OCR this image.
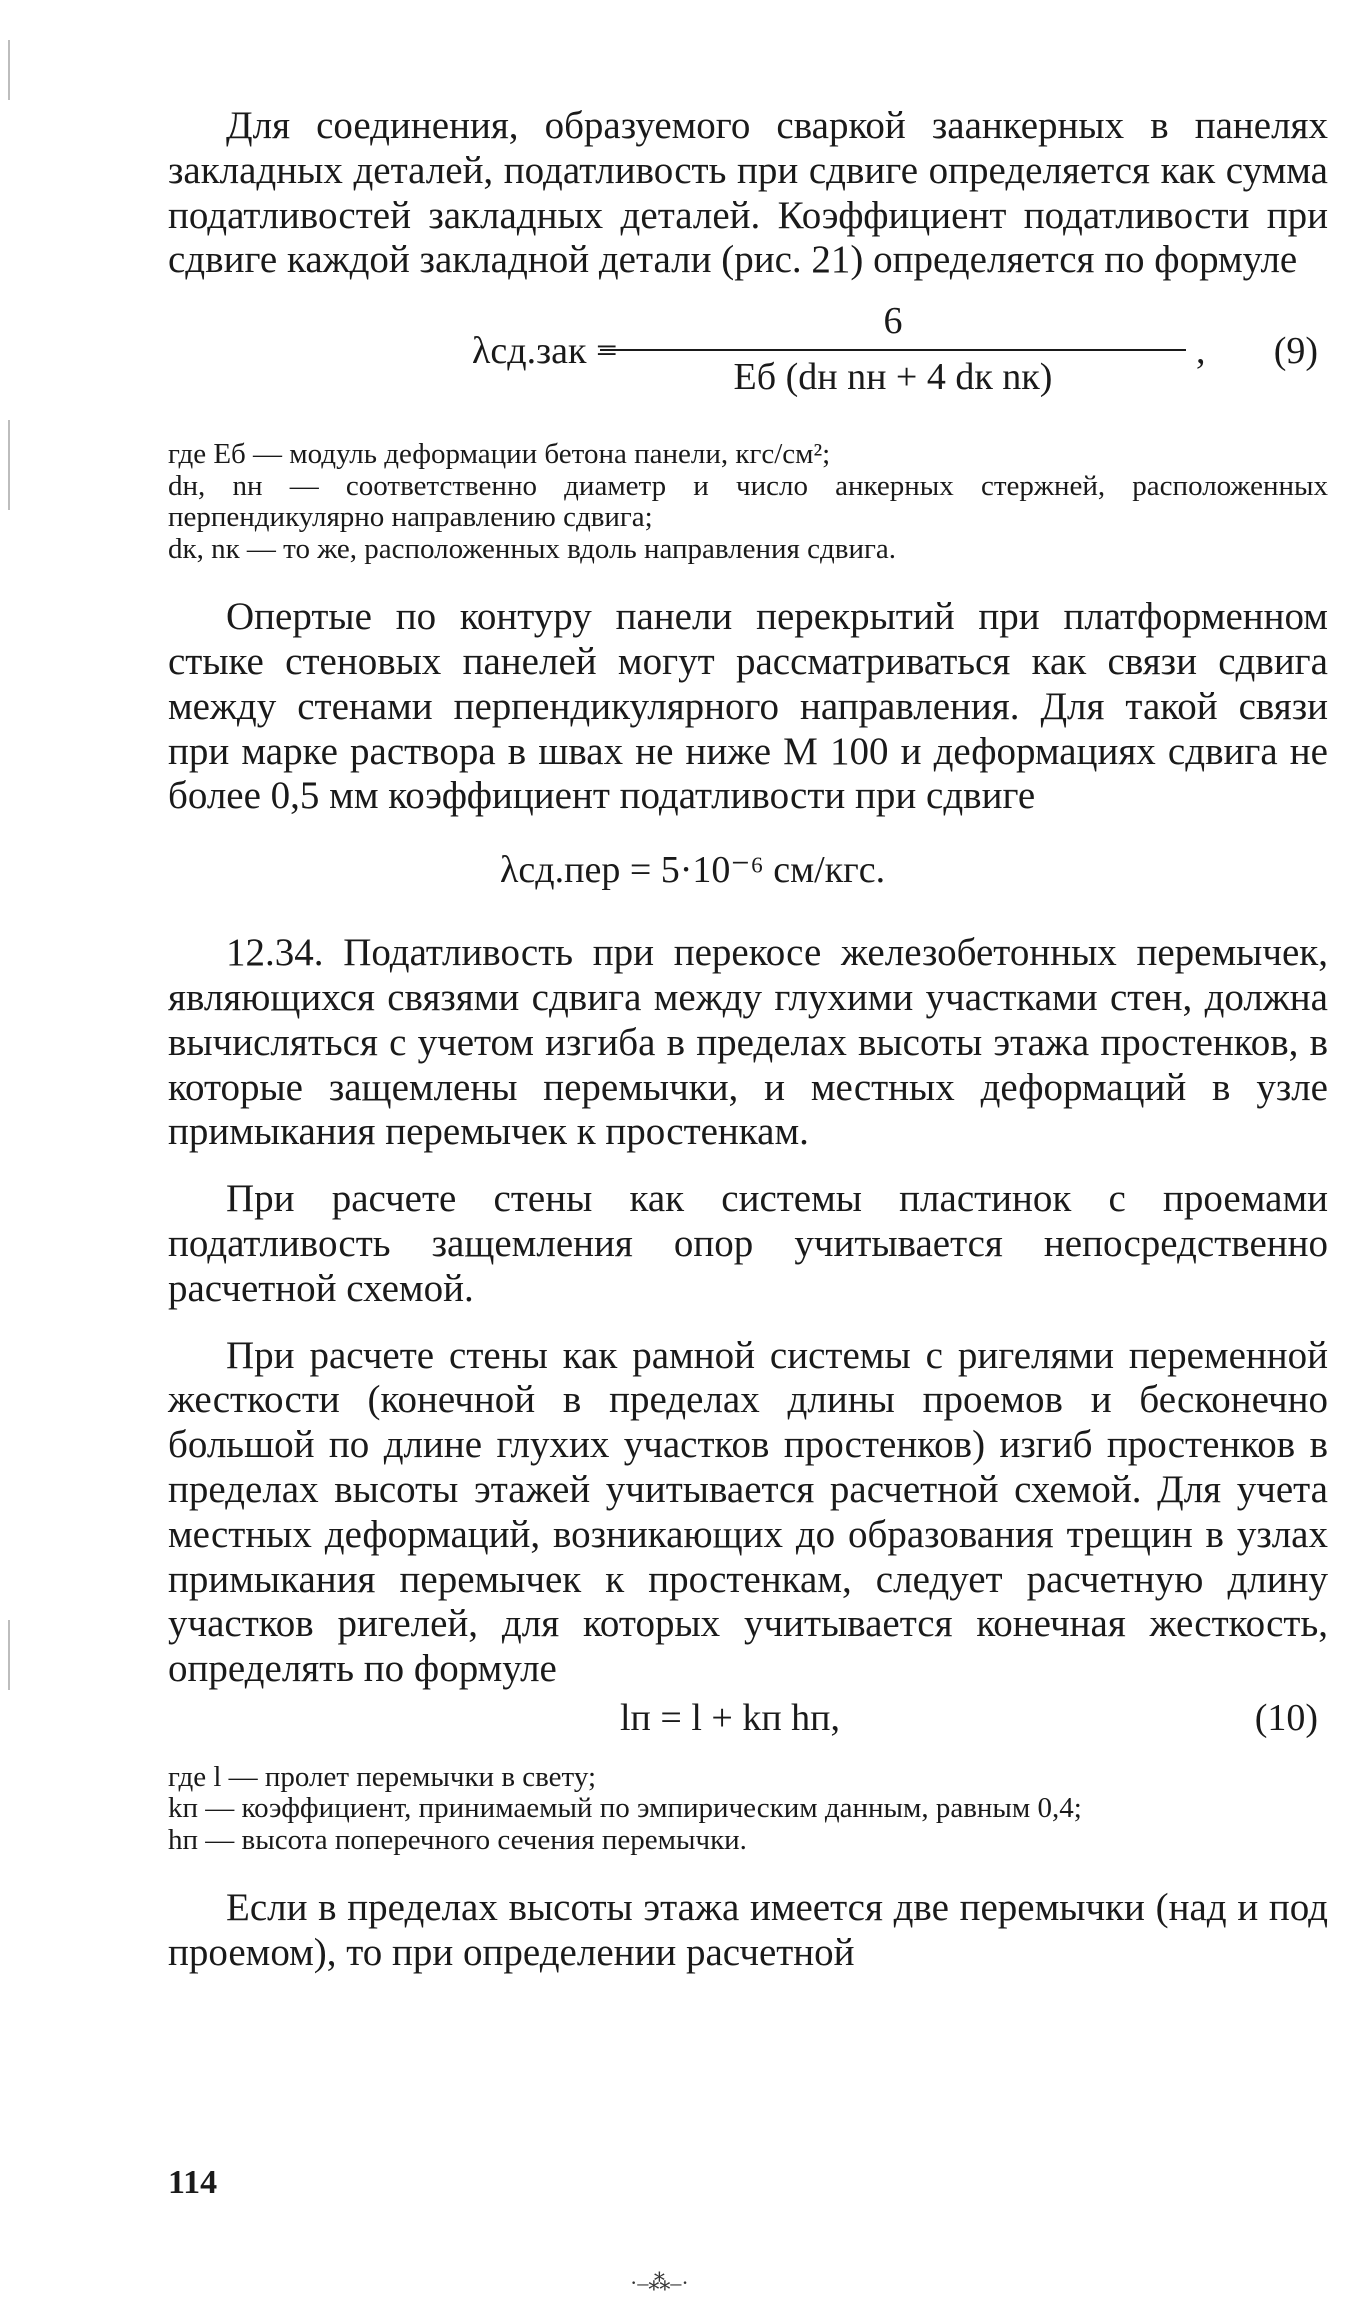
Для соединения, образуемого сваркой заанкерных в панелях закладных деталей, податливость при сдвиге определяется как сумма податливостей закладных деталей. Коэффициент податливости при сдвиге каждой закладной детали (рис. 21) определяется по формуле

λсд.зак =
6
Eб (dн nн + 4 dк nк)
, (9)

где Eб — модуль деформации бетона панели, кгс/см²;

dн, nн — соответственно диаметр и число анкерных стержней, расположенных перпендикулярно направлению сдвига;

dк, nк — то же, расположенных вдоль направления сдвига.

Опертые по контуру панели перекрытий при платформенном стыке стеновых панелей могут рассматриваться как связи сдвига между стенами перпендикулярного направления. Для такой связи при марке раствора в швах не ниже М 100 и деформациях сдвига не более 0,5 мм коэффициент податливости при сдвиге

λсд.пер = 5·10⁻⁶ см/кгс.

12.34. Податливость при перекосе железобетонных перемычек, являющихся связями сдвига между глухими участками стен, должна вычисляться с учетом изгиба в пределах высоты этажа простенков, в которые защемлены перемычки, и местных деформаций в узле примыкания перемычек к простенкам.

При расчете стены как системы пластинок с проемами податливость защемления опор учитывается непосредственно расчетной схемой.

При расчете стены как рамной системы с ригелями переменной жесткости (конечной в пределах длины проемов и бесконечно большой по длине глухих участков простенков) изгиб простенков в пределах высоты этажей учитывается расчетной схемой. Для учета местных деформаций, возникающих до образования трещин в узлах примыкания перемычек к простенкам, следует расчетную длину участков ригелей, для которых учитывается конечная жесткость, определять по формуле

lп = l + kп hп,	(10)

где l — пролет перемычки в свету;

kп — коэффициент, принимаемый по эмпирическим данным, равным 0,4;

hп — высота поперечного сечения перемычки.

Если в пределах высоты этажа имеется две перемычки (над и под проемом), то при определении расчетной

114
·–⁂–·
